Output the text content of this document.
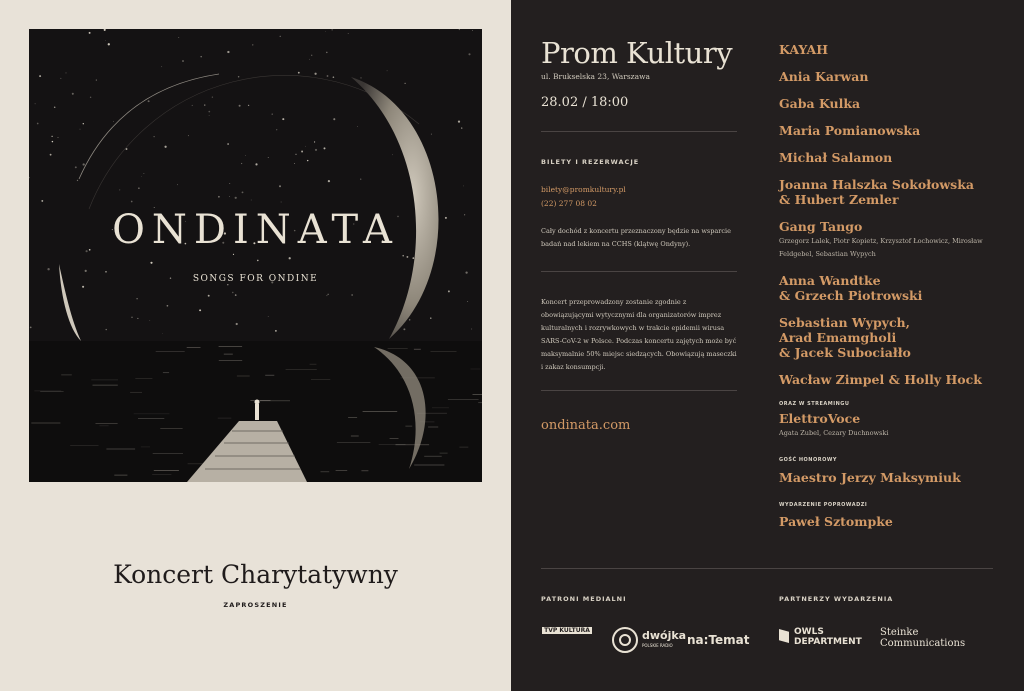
ONDINATA
SONGS FOR ONDINE
Koncert Charytatywny
ZAPROSZENIE
Prom Kultury
ul. Brukselska 23, Warszawa
28.02 / 18:00
BILETY I REZERWACJE
bilety@promkultury.pl
(22) 277 08 02
Cały dochód z koncertu przeznaczony będzie na wsparcie badań nad lekiem na CCHS (klątwę Ondyny).
Koncert przeprowadzony zostanie zgodnie z obowiązującymi wytycznymi dla organizatorów imprez kulturalnych i rozrywkowych w trakcie epidemii wirusa SARS-CoV-2 w Polsce. Podczas koncertu zajętych może być maksymalnie 50% miejsc siedzących. Obowiązują maseczki i zakaz konsumpcji.
ondinata.com
KAYAH
Ania Karwan
Gaba Kulka
Maria Pomianowska
Michał Salamon
Joanna Halszka Sokołowska
& Hubert Zemler
Gang Tango
Grzegorz Lalek, Piotr Kopietz, Krzysztof Łochowicz, Mirosław Feldgebel, Sebastian Wypych
Anna Wandtke
& Grzech Piotrowski
Sebastian Wypych,
Arad Emamgholi
& Jacek Subociałło
Wacław Zimpel & Holly Hock
ORAZ W STREAMINGU
ElettroVoce
Agata Zubel, Cezary Duchnowski
GOŚĆ HONOROWY
Maestro Jerzy Maksymiuk
WYDARZENIE POPROWADZI
Paweł Sztompke
PATRONI MEDIALNI	PARTNERZY WYDARZENIA
TVP KULTURA	dwójka
POLSKIE RADIO na:Temat
OWLS DEPARTMENT
Steinke Communications
